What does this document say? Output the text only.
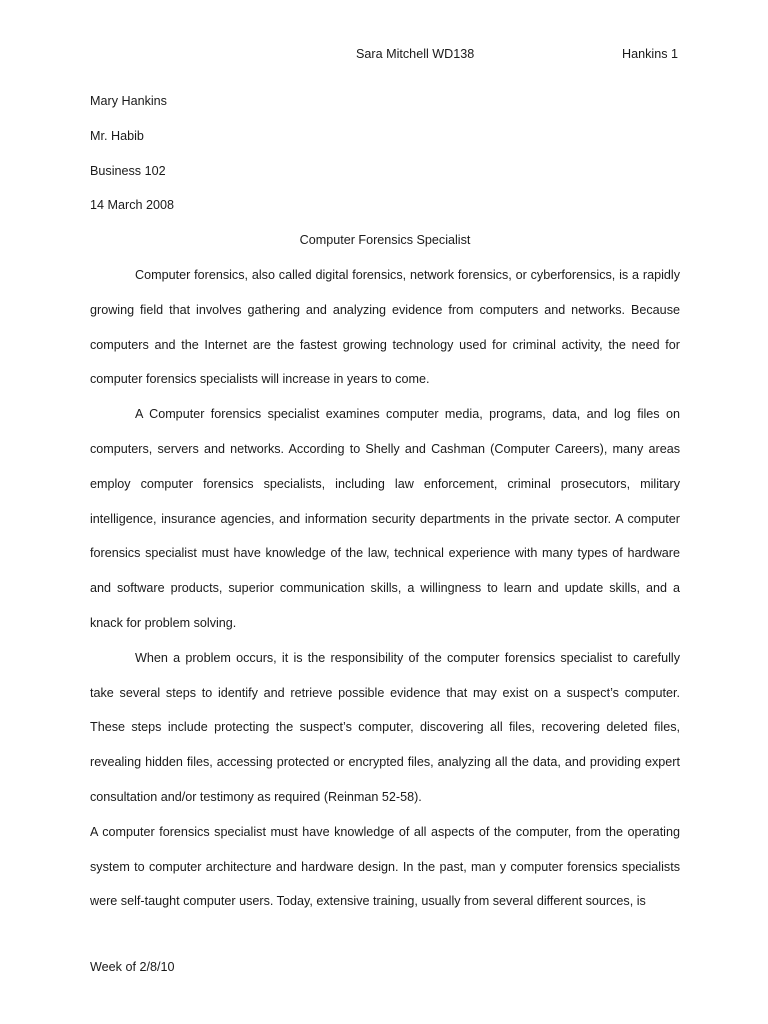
Sara Mitchell WD138	Hankins 1

Mary Hankins

Mr. Habib

Business 102

14 March 2008

Computer Forensics Specialist

Computer forensics, also called digital forensics, network forensics, or cyberforensics, is a rapidly growing field that involves gathering and analyzing evidence from computers and networks. Because computers and the Internet are the fastest growing technology used for criminal activity, the need for computer forensics specialists will increase in years to come.

A Computer forensics specialist examines computer media, programs, data, and log files on computers, servers and networks. According to Shelly and Cashman (Computer Careers), many areas employ computer forensics specialists, including law enforcement, criminal prosecutors, military intelligence, insurance agencies, and information security departments in the private sector. A computer forensics specialist must have knowledge of the law, technical experience with many types of hardware and software products, superior communication skills, a willingness to learn and update skills, and a knack for problem solving.

When a problem occurs, it is the responsibility of the computer forensics specialist to carefully take several steps to identify and retrieve possible evidence that may exist on a suspect’s computer. These steps include protecting the suspect’s computer, discovering all files, recovering deleted files, revealing hidden files, accessing protected or encrypted files, analyzing all the data, and providing expert consultation and/or testimony as required (Reinman 52-58).

A computer forensics specialist must have knowledge of all aspects of the computer, from the operating system to computer architecture and hardware design. In the past, man y computer forensics specialists were self-taught computer users. Today, extensive training, usually from several different sources, is

Week of 2/8/10
